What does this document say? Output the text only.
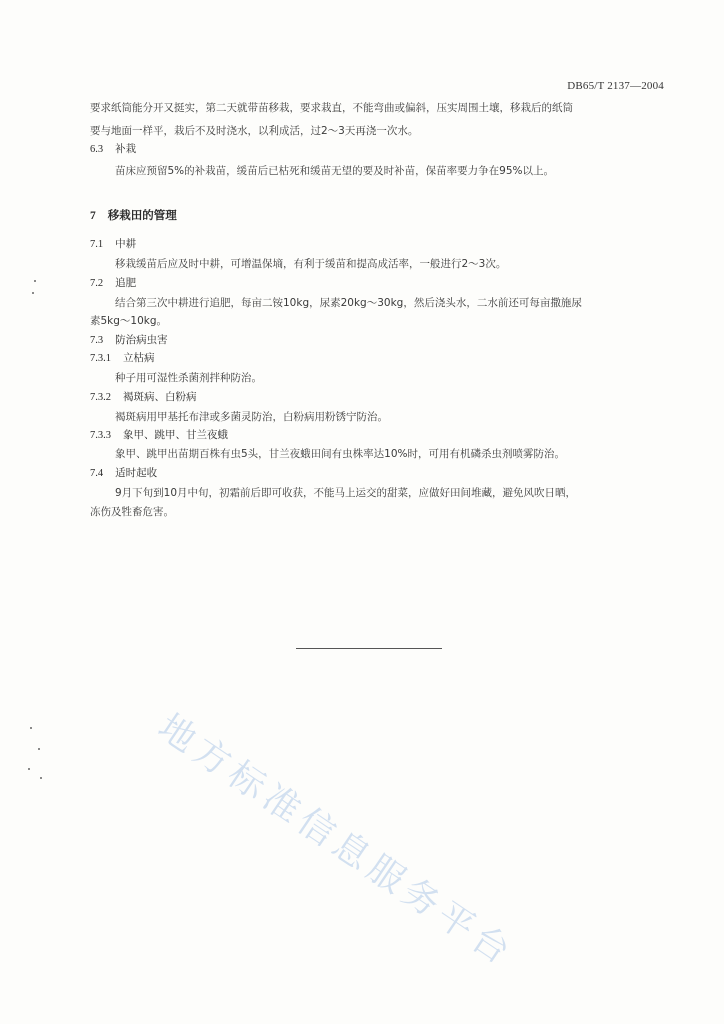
DB65/T 2137—2004
要求纸筒能分开又挺实，第二天就带苗移栽，要求栽直，不能弯曲或偏斜，压实周围土壤，移栽后的纸筒
要与地面一样平，栽后不及时浇水，以利成活，过2～3天再浇一次水。
6.3 补栽
苗床应预留5%的补栽苗，缓苗后已枯死和缓苗无望的要及时补苗，保苗率要力争在95%以上。
7 移栽田的管理
7.1 中耕
移栽缓苗后应及时中耕，可增温保墒，有利于缓苗和提高成活率，一般进行2～3次。
7.2 追肥
结合第三次中耕进行追肥，每亩二铵10kg，尿素20kg～30kg，然后浇头水，二水前还可每亩撒施尿
素5kg～10kg。
7.3 防治病虫害
7.3.1 立枯病
种子用可湿性杀菌剂拌种防治。
7.3.2 褐斑病、白粉病
褐斑病用甲基托布津或多菌灵防治，白粉病用粉锈宁防治。
7.3.3 象甲、跳甲、甘兰夜蛾
象甲、跳甲出苗期百株有虫5头，甘兰夜蛾田间有虫株率达10%时，可用有机磷杀虫剂喷雾防治。
7.4 适时起收
9月下旬到10月中旬，初霜前后即可收获，不能马上运交的甜菜，应做好田间堆藏，避免风吹日晒，
冻伤及牲畜危害。
地方标准信息服务平台
